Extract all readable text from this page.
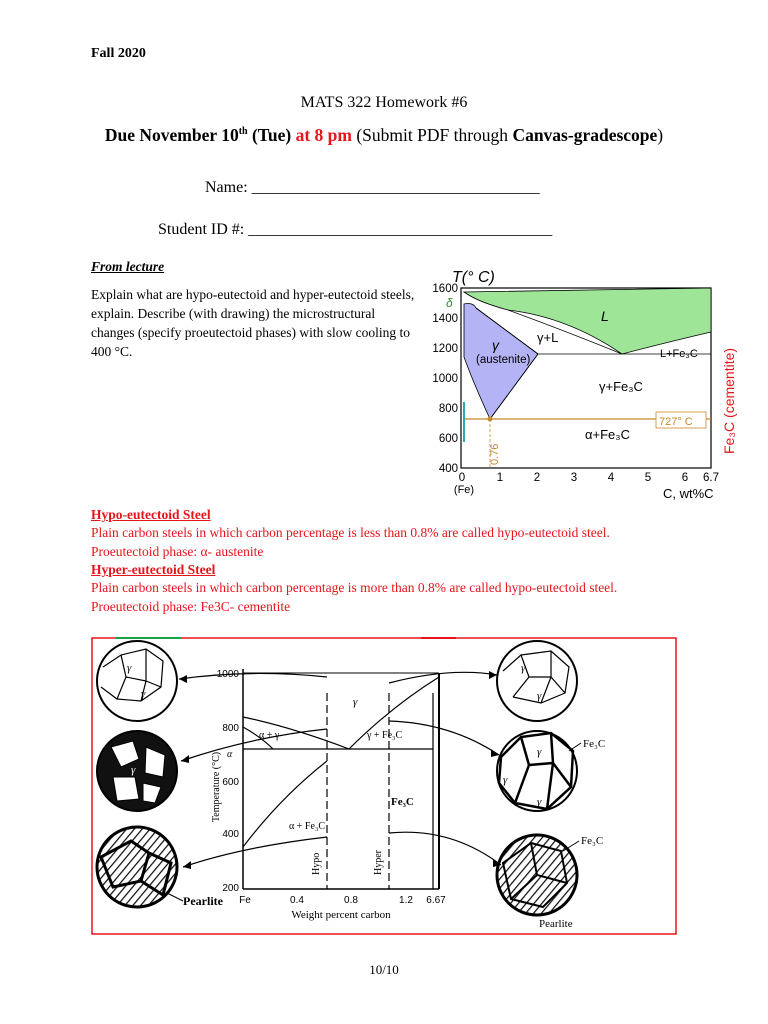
Fall 2020
MATS 322 Homework #6
Due November 10th (Tue) at 8 pm (Submit PDF through Canvas-gradescope)
Name: ____________________________________
Student ID #: ______________________________________
From lecture
Explain what are hypo-eutectoid and hyper-eutectoid steels, explain. Describe (with drawing) the microstructural changes (specify proeutectoid phases) with slow cooling to 400 °C.
T(° C)
1600
1400
1200
1000
800
600
400
0	1	2	3	4	5	6 6.7
(Fe)	C, wt%C
L
γ+L
γ
(austenite)	L+Fe₃C
γ+Fe₃C
α+Fe₃C
δ
727° C
0.76
Fe₃C (cementite)
Hypo-eutectoid Steel
Plain carbon steels in which carbon percentage is less than 0.8% are called hypo-eutectoid steel.
Proeutectoid phase: α- austenite
Hyper-eutectoid Steel
Plain carbon steels in which carbon percentage is more than 0.8% are called hypo-eutectoid steel.
Proeutectoid phase: Fe3C- cementite
γ
γ
γ
Pearlite
γ
γ
γ
γ
γ
Fe₃C
Fe₃C
Pearlite
1000
800
600
400
200
Fe	0.4	0.8	1.2 6.67
Weight percent carbon
Temperature (°C)
γ
α + γ	γ + Fe₃C
α
Fe₃C
α + Fe₃C
Hypo	Hyper
10/10
